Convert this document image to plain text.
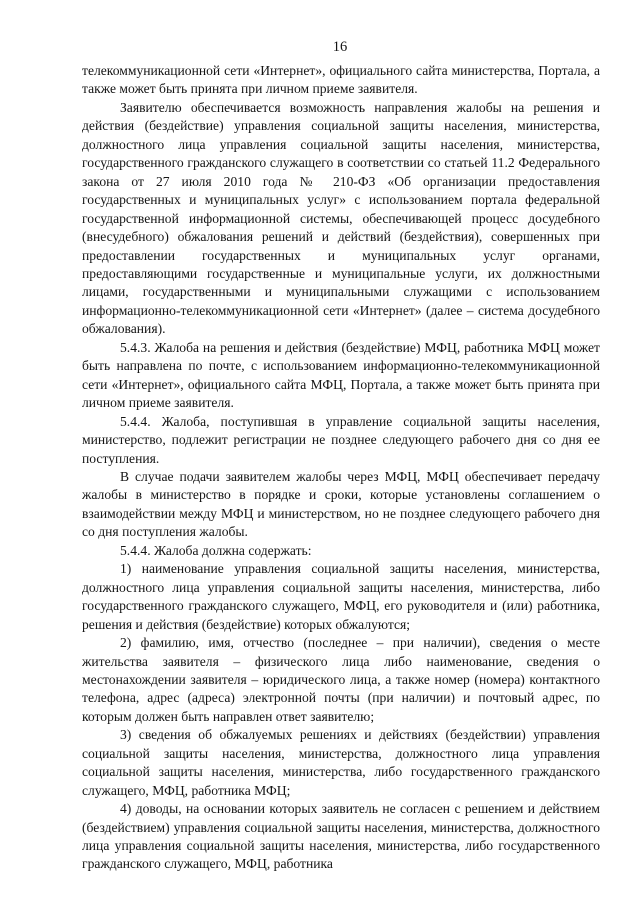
16

телекоммуникационной сети «Интернет», официального сайта министерства, Портала, а также может быть принята при личном приеме заявителя.

Заявителю обеспечивается возможность направления жалобы на решения и действия (бездействие) управления социальной защиты населения, министерства, должностного лица управления социальной защиты населения, министерства, государственного гражданского служащего в соответствии со статьей 11.2 Федерального закона от 27 июля 2010 года № 210-ФЗ «Об организации предоставления государственных и муниципальных услуг» с использованием портала федеральной государственной информационной системы, обеспечивающей процесс досудебного (внесудебного) обжалования решений и действий (бездействия), совершенных при предоставлении государственных и муниципальных услуг органами, предоставляющими государственные и муниципальные услуги, их должностными лицами, государственными и муниципальными служащими с использованием информационно-телекоммуникационной сети «Интернет» (далее – система досудебного обжалования).

5.4.3. Жалоба на решения и действия (бездействие) МФЦ, работника МФЦ может быть направлена по почте, с использованием информационно-телекоммуникационной сети «Интернет», официального сайта МФЦ, Портала, а также может быть принята при личном приеме заявителя.

5.4.4. Жалоба, поступившая в управление социальной защиты населения, министерство, подлежит регистрации не позднее следующего рабочего дня со дня ее поступления.

В случае подачи заявителем жалобы через МФЦ, МФЦ обеспечивает передачу жалобы в министерство в порядке и сроки, которые установлены соглашением о взаимодействии между МФЦ и министерством, но не позднее следующего рабочего дня со дня поступления жалобы.

5.4.4. Жалоба должна содержать:

1) наименование управления социальной защиты населения, министерства, должностного лица управления социальной защиты населения, министерства, либо государственного гражданского служащего, МФЦ, его руководителя и (или) работника, решения и действия (бездействие) которых обжалуются;

2) фамилию, имя, отчество (последнее – при наличии), сведения о месте жительства заявителя – физического лица либо наименование, сведения о местонахождении заявителя – юридического лица, а также номер (номера) контактного телефона, адрес (адреса) электронной почты (при наличии) и почтовый адрес, по которым должен быть направлен ответ заявителю;

3) сведения об обжалуемых решениях и действиях (бездействии) управления социальной защиты населения, министерства, должностного лица управления социальной защиты населения, министерства, либо государственного гражданского служащего, МФЦ, работника МФЦ;

4) доводы, на основании которых заявитель не согласен с решением и действием (бездействием) управления социальной защиты населения, министерства, должностного лица управления социальной защиты населения, министерства, либо государственного гражданского служащего, МФЦ, работника
